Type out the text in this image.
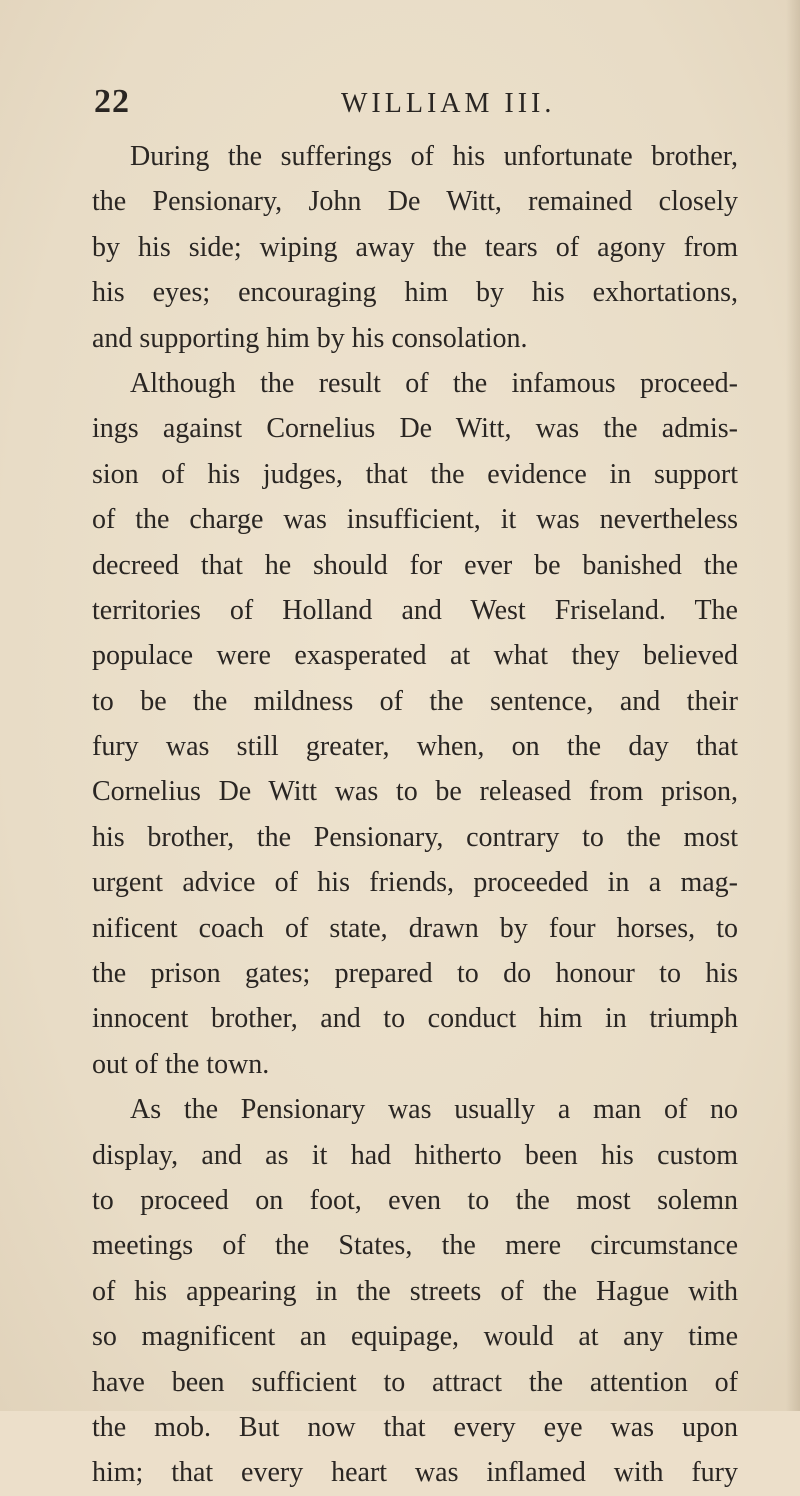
22	WILLIAM III.
During the sufferings of his unfortunate brother,
the Pensionary, John De Witt, remained closely
by his side; wiping away the tears of agony from
his eyes; encouraging him by his exhortations,
and supporting him by his consolation.
Although the result of the infamous proceed-
ings against Cornelius De Witt, was the admis-
sion of his judges, that the evidence in support
of the charge was insufficient, it was nevertheless
decreed that he should for ever be banished the
territories of Holland and West Friseland. The
populace were exasperated at what they believed
to be the mildness of the sentence, and their
fury was still greater, when, on the day that
Cornelius De Witt was to be released from prison,
his brother, the Pensionary, contrary to the most
urgent advice of his friends, proceeded in a mag-
nificent coach of state, drawn by four horses, to
the prison gates; prepared to do honour to his
innocent brother, and to conduct him in triumph
out of the town.
As the Pensionary was usually a man of no
display, and as it had hitherto been his custom
to proceed on foot, even to the most solemn
meetings of the States, the mere circumstance
of his appearing in the streets of the Hague with
so magnificent an equipage, would at any time
have been sufficient to attract the attention of
the mob. But now that every eye was upon
him; that every heart was inflamed with fury
